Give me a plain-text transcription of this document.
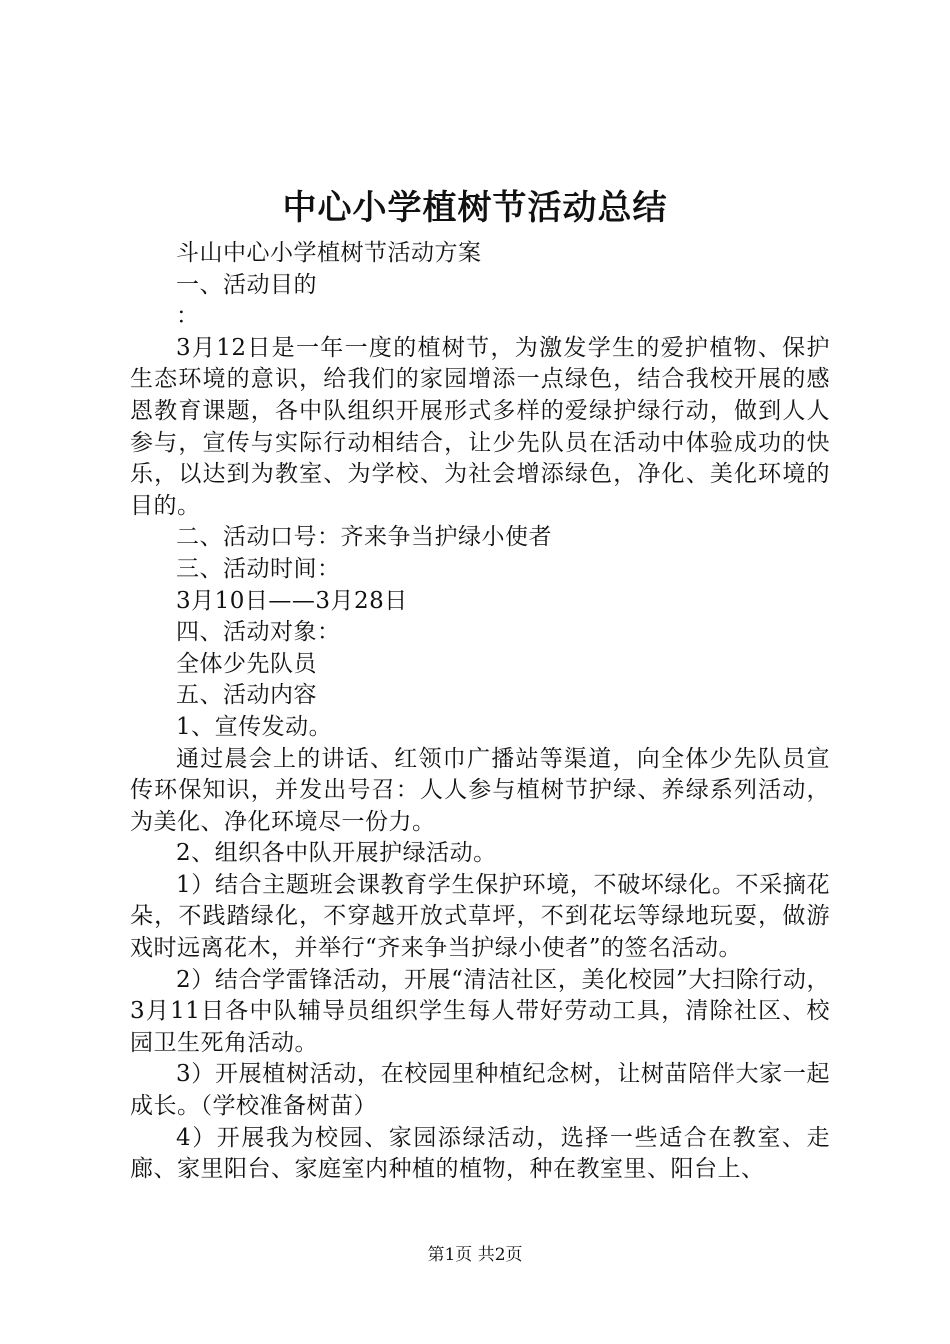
中心小学植树节活动总结

斗山中心小学植树节活动方案

一、活动目的

：

3月12日是一年一度的植树节，为激发学生的爱护植物、保护生态环境的意识，给我们的家园增添一点绿色，结合我校开展的感恩教育课题，各中队组织开展形式多样的爱绿护绿行动，做到人人参与，宣传与实际行动相结合，让少先队员在活动中体验成功的快乐，以达到为教室、为学校、为社会增添绿色，净化、美化环境的目的。

二、活动口号：齐来争当护绿小使者

三、活动时间：

3月10日——3月28日

四、活动对象：

全体少先队员

五、活动内容

1、宣传发动。

通过晨会上的讲话、红领巾广播站等渠道，向全体少先队员宣传环保知识，并发出号召：人人参与植树节护绿、养绿系列活动，为美化、净化环境尽一份力。

2、组织各中队开展护绿活动。

1）结合主题班会课教育学生保护环境，不破坏绿化。不采摘花朵，不践踏绿化，不穿越开放式草坪，不到花坛等绿地玩耍，做游戏时远离花木，并举行“齐来争当护绿小使者”的签名活动。

2）结合学雷锋活动，开展“清洁社区，美化校园”大扫除行动，3月11日各中队辅导员组织学生每人带好劳动工具，清除社区、校园卫生死角活动。

3）开展植树活动，在校园里种植纪念树，让树苗陪伴大家一起成长。（学校准备树苗）

4）开展我为校园、家园添绿活动，选择一些适合在教室、走廊、家里阳台、家庭室内种植的植物，种在教室里、阳台上、

第1页 共2页
